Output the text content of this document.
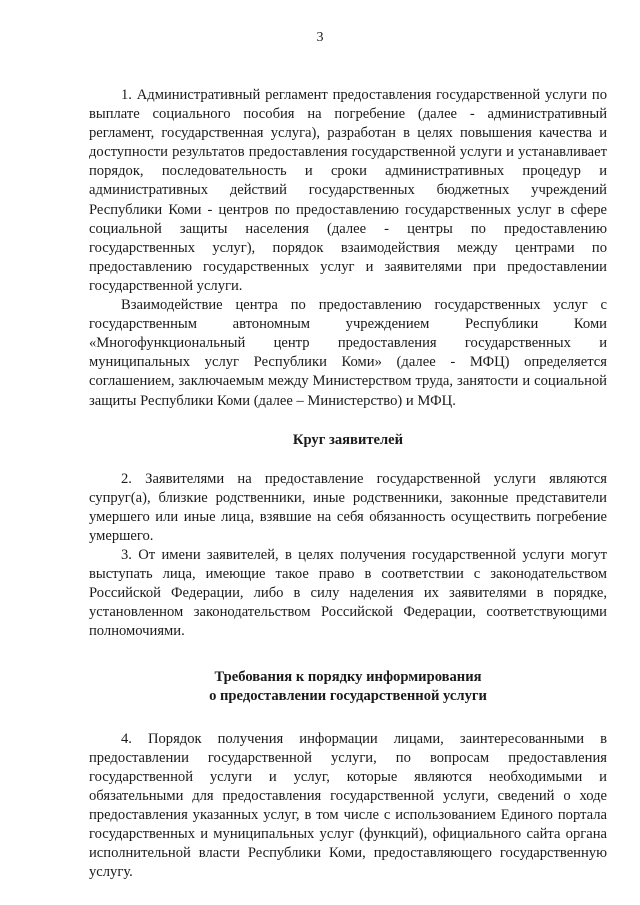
3

1. Административный регламент предоставления государственной услуги по выплате социального пособия на погребение (далее - административный регламент, государственная услуга), разработан в целях повышения качества и доступности результатов предоставления государственной услуги и устанавливает порядок, последовательность и сроки административных процедур и административных действий государственных бюджетных учреждений Республики Коми - центров по предоставлению государственных услуг в сфере социальной защиты населения (далее - центры по предоставлению государственных услуг), порядок взаимодействия между центрами по предоставлению государственных услуг и заявителями при предоставлении государственной услуги.

Взаимодействие центра по предоставлению государственных услуг с государственным автономным учреждением Республики Коми «Многофункциональный центр предоставления государственных и муниципальных услуг Республики Коми» (далее - МФЦ) определяется соглашением, заключаемым между Министерством труда, занятости и социальной защиты Республики Коми (далее – Министерство) и МФЦ.

Круг заявителей

2. Заявителями на предоставление государственной услуги являются супруг(а), близкие родственники, иные родственники, законные представители умершего или иные лица, взявшие на себя обязанность осуществить погребение умершего.

3. От имени заявителей, в целях получения государственной услуги могут выступать лица, имеющие такое право в соответствии с законодательством Российской Федерации, либо в силу наделения их заявителями в порядке, установленном законодательством Российской Федерации, соответствующими полномочиями.

Требования к порядку информирования
о предоставлении государственной услуги

4. Порядок получения информации лицами, заинтересованными в предоставлении государственной услуги, по вопросам предоставления государственной услуги и услуг, которые являются необходимыми и обязательными для предоставления государственной услуги, сведений о ходе предоставления указанных услуг, в том числе с использованием Единого портала государственных и муниципальных услуг (функций), официального сайта органа исполнительной власти Республики Коми, предоставляющего государственную услугу.
